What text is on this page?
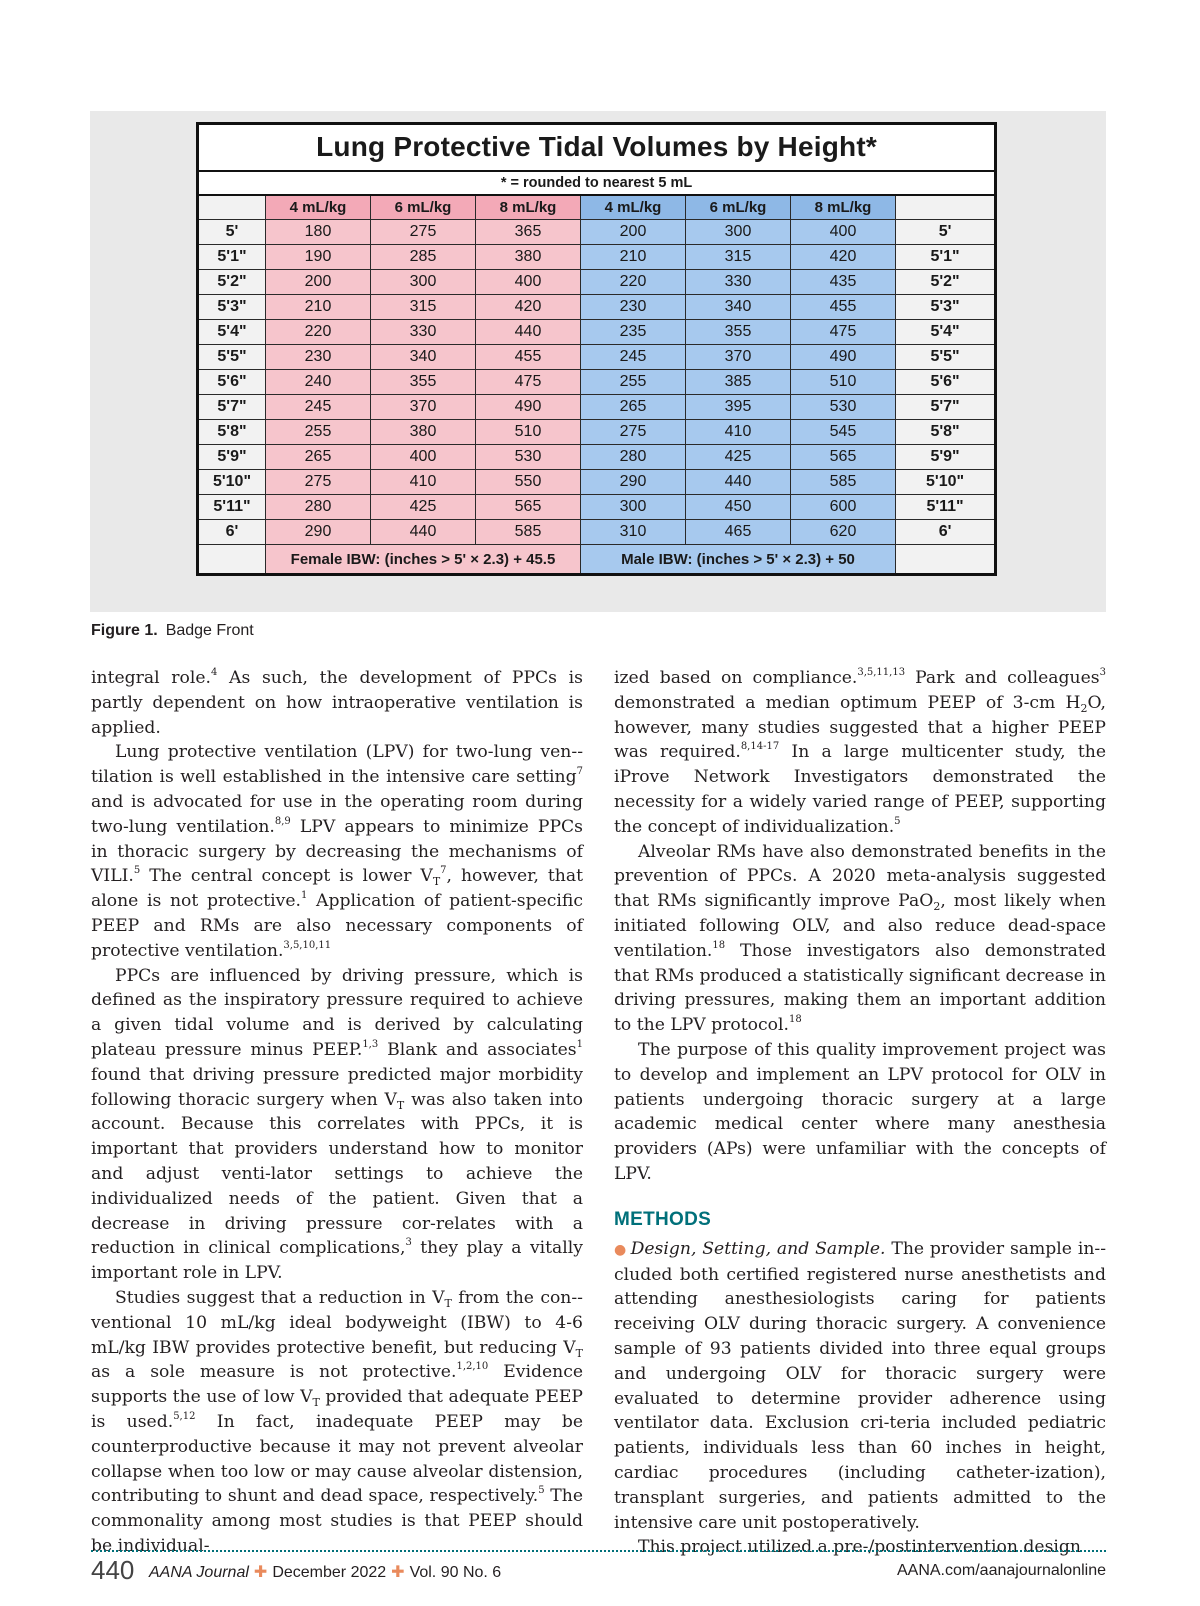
Lung Protective Tidal Volumes by Height*							
* = rounded to nearest 5 mL							
	4 mL/kg	6 mL/kg	8 mL/kg	4 mL/kg	6 mL/kg	8 mL/kg	
5'	180	275	365	200	300	400	5'
5'1"	190	285	380	210	315	420	5'1"
5'2"	200	300	400	220	330	435	5'2"
5'3"	210	315	420	230	340	455	5'3"
5'4"	220	330	440	235	355	475	5'4"
5'5"	230	340	455	245	370	490	5'5"
5'6"	240	355	475	255	385	510	5'6"
5'7"	245	370	490	265	395	530	5'7"
5'8"	255	380	510	275	410	545	5'8"
5'9"	265	400	530	280	425	565	5'9"
5'10"	275	410	550	290	440	585	5'10"
5'11"	280	425	565	300	450	600	5'11"
6'	290	440	585	310	465	620	6'
	Female IBW: (inches > 5' × 2.3) + 45.5			Male IBW: (inches > 5' × 2.3) + 50			
Figure 1. Badge Front

integral role.$^4$ As such, the development of PPCs is partly dependent on how intraoperative ventilation is applied.

Lung protective ventilation (LPV) for two-lung ven-tilation is well established in the intensive care setting$^7$ and is advocated for use in the operating room during two-lung ventilation.$^{8,9}$ LPV appears to minimize PPCs in thoracic surgery by decreasing the mechanisms of VILI.$^5$ The central concept is lower $V_T^7$, however, that alone is not protective.$^1$ Application of patient-specific PEEP and RMs are also necessary components of protective ventilation.$^{3,5,10,11}$

PPCs are influenced by driving pressure, which is defined as the inspiratory pressure required to achieve a given tidal volume and is derived by calculating plateau pressure minus PEEP.$^{1,3}$ Blank and associates$^1$ found that driving pressure predicted major morbidity following thoracic surgery when $V_T$ was also taken into account. Because this correlates with PPCs, it is important that providers understand how to monitor and adjust venti-lator settings to achieve the individualized needs of the patient. Given that a decrease in driving pressure cor-relates with a reduction in clinical complications,$^3$ they play a vitally important role in LPV.

Studies suggest that a reduction in $V_T$ from the con-ventional 10 mL/kg ideal bodyweight (IBW) to 4-6 mL/kg IBW provides protective benefit, but reducing $V_T$ as a sole measure is not protective.$^{1,2,10}$ Evidence supports the use of low $V_T$ provided that adequate PEEP is used.$^{5,12}$ In fact, inadequate PEEP may be counterproductive because it may not prevent alveolar collapse when too low or may cause alveolar distension, contributing to shunt and dead space, respectively.$^5$ The commonality among most studies is that PEEP should be individual-

ized based on compliance.$^{3,5,11,13}$ Park and colleagues$^3$ demonstrated a median optimum PEEP of 3-cm $H_2O$, however, many studies suggested that a higher PEEP was required.$^{8,14-17}$ In a large multicenter study, the iProve Network Investigators demonstrated the necessity for a widely varied range of PEEP, supporting the concept of individualization.$^5$

Alveolar RMs have also demonstrated benefits in the prevention of PPCs. A 2020 meta-analysis suggested that RMs significantly improve PaO$_2$, most likely when initiated following OLV, and also reduce dead-space ventilation.$^{18}$ Those investigators also demonstrated that RMs produced a statistically significant decrease in driving pressures, making them an important addition to the LPV protocol.$^{18}$

The purpose of this quality improvement project was to develop and implement an LPV protocol for OLV in patients undergoing thoracic surgery at a large academic medical center where many anesthesia providers (APs) were unfamiliar with the concepts of LPV.

METHODS

● Design, Setting, and Sample. The provider sample in-cluded both certified registered nurse anesthetists and attending anesthesiologists caring for patients receiving OLV during thoracic surgery. A convenience sample of 93 patients divided into three equal groups and undergoing OLV for thoracic surgery were evaluated to determine provider adherence using ventilator data. Exclusion cri-teria included pediatric patients, individuals less than 60 inches in height, cardiac procedures (including catheter-ization), transplant surgeries, and patients admitted to the intensive care unit postoperatively.

This project utilized a pre-/postintervention design

440 AANA Journal ✚ December 2022 ✚ Vol. 90 No. 6	AANA.com/aanajournalonline
